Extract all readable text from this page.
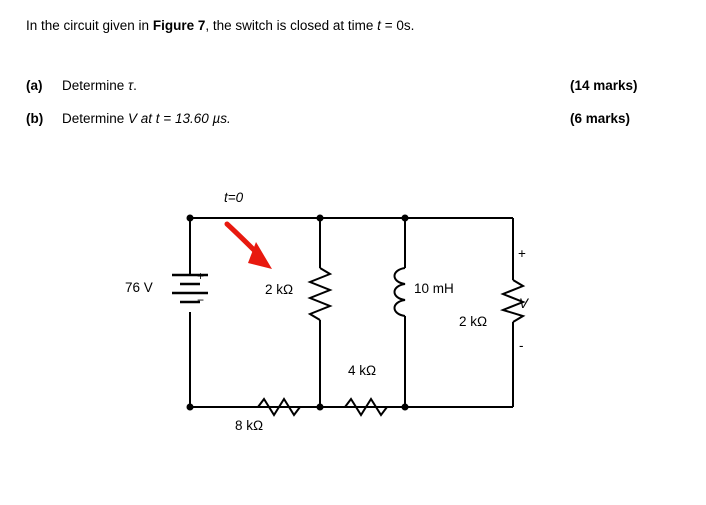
In the circuit given in Figure 7, the switch is closed at time t = 0s.
(a) Determine τ.	(14 marks)
(b) Determine V at t = 13.60 µs.	(6 marks)
t=0
76 V
+
−
2 kΩ	10 mH
2 kΩ
4 kΩ
8 kΩ
+
V
-
